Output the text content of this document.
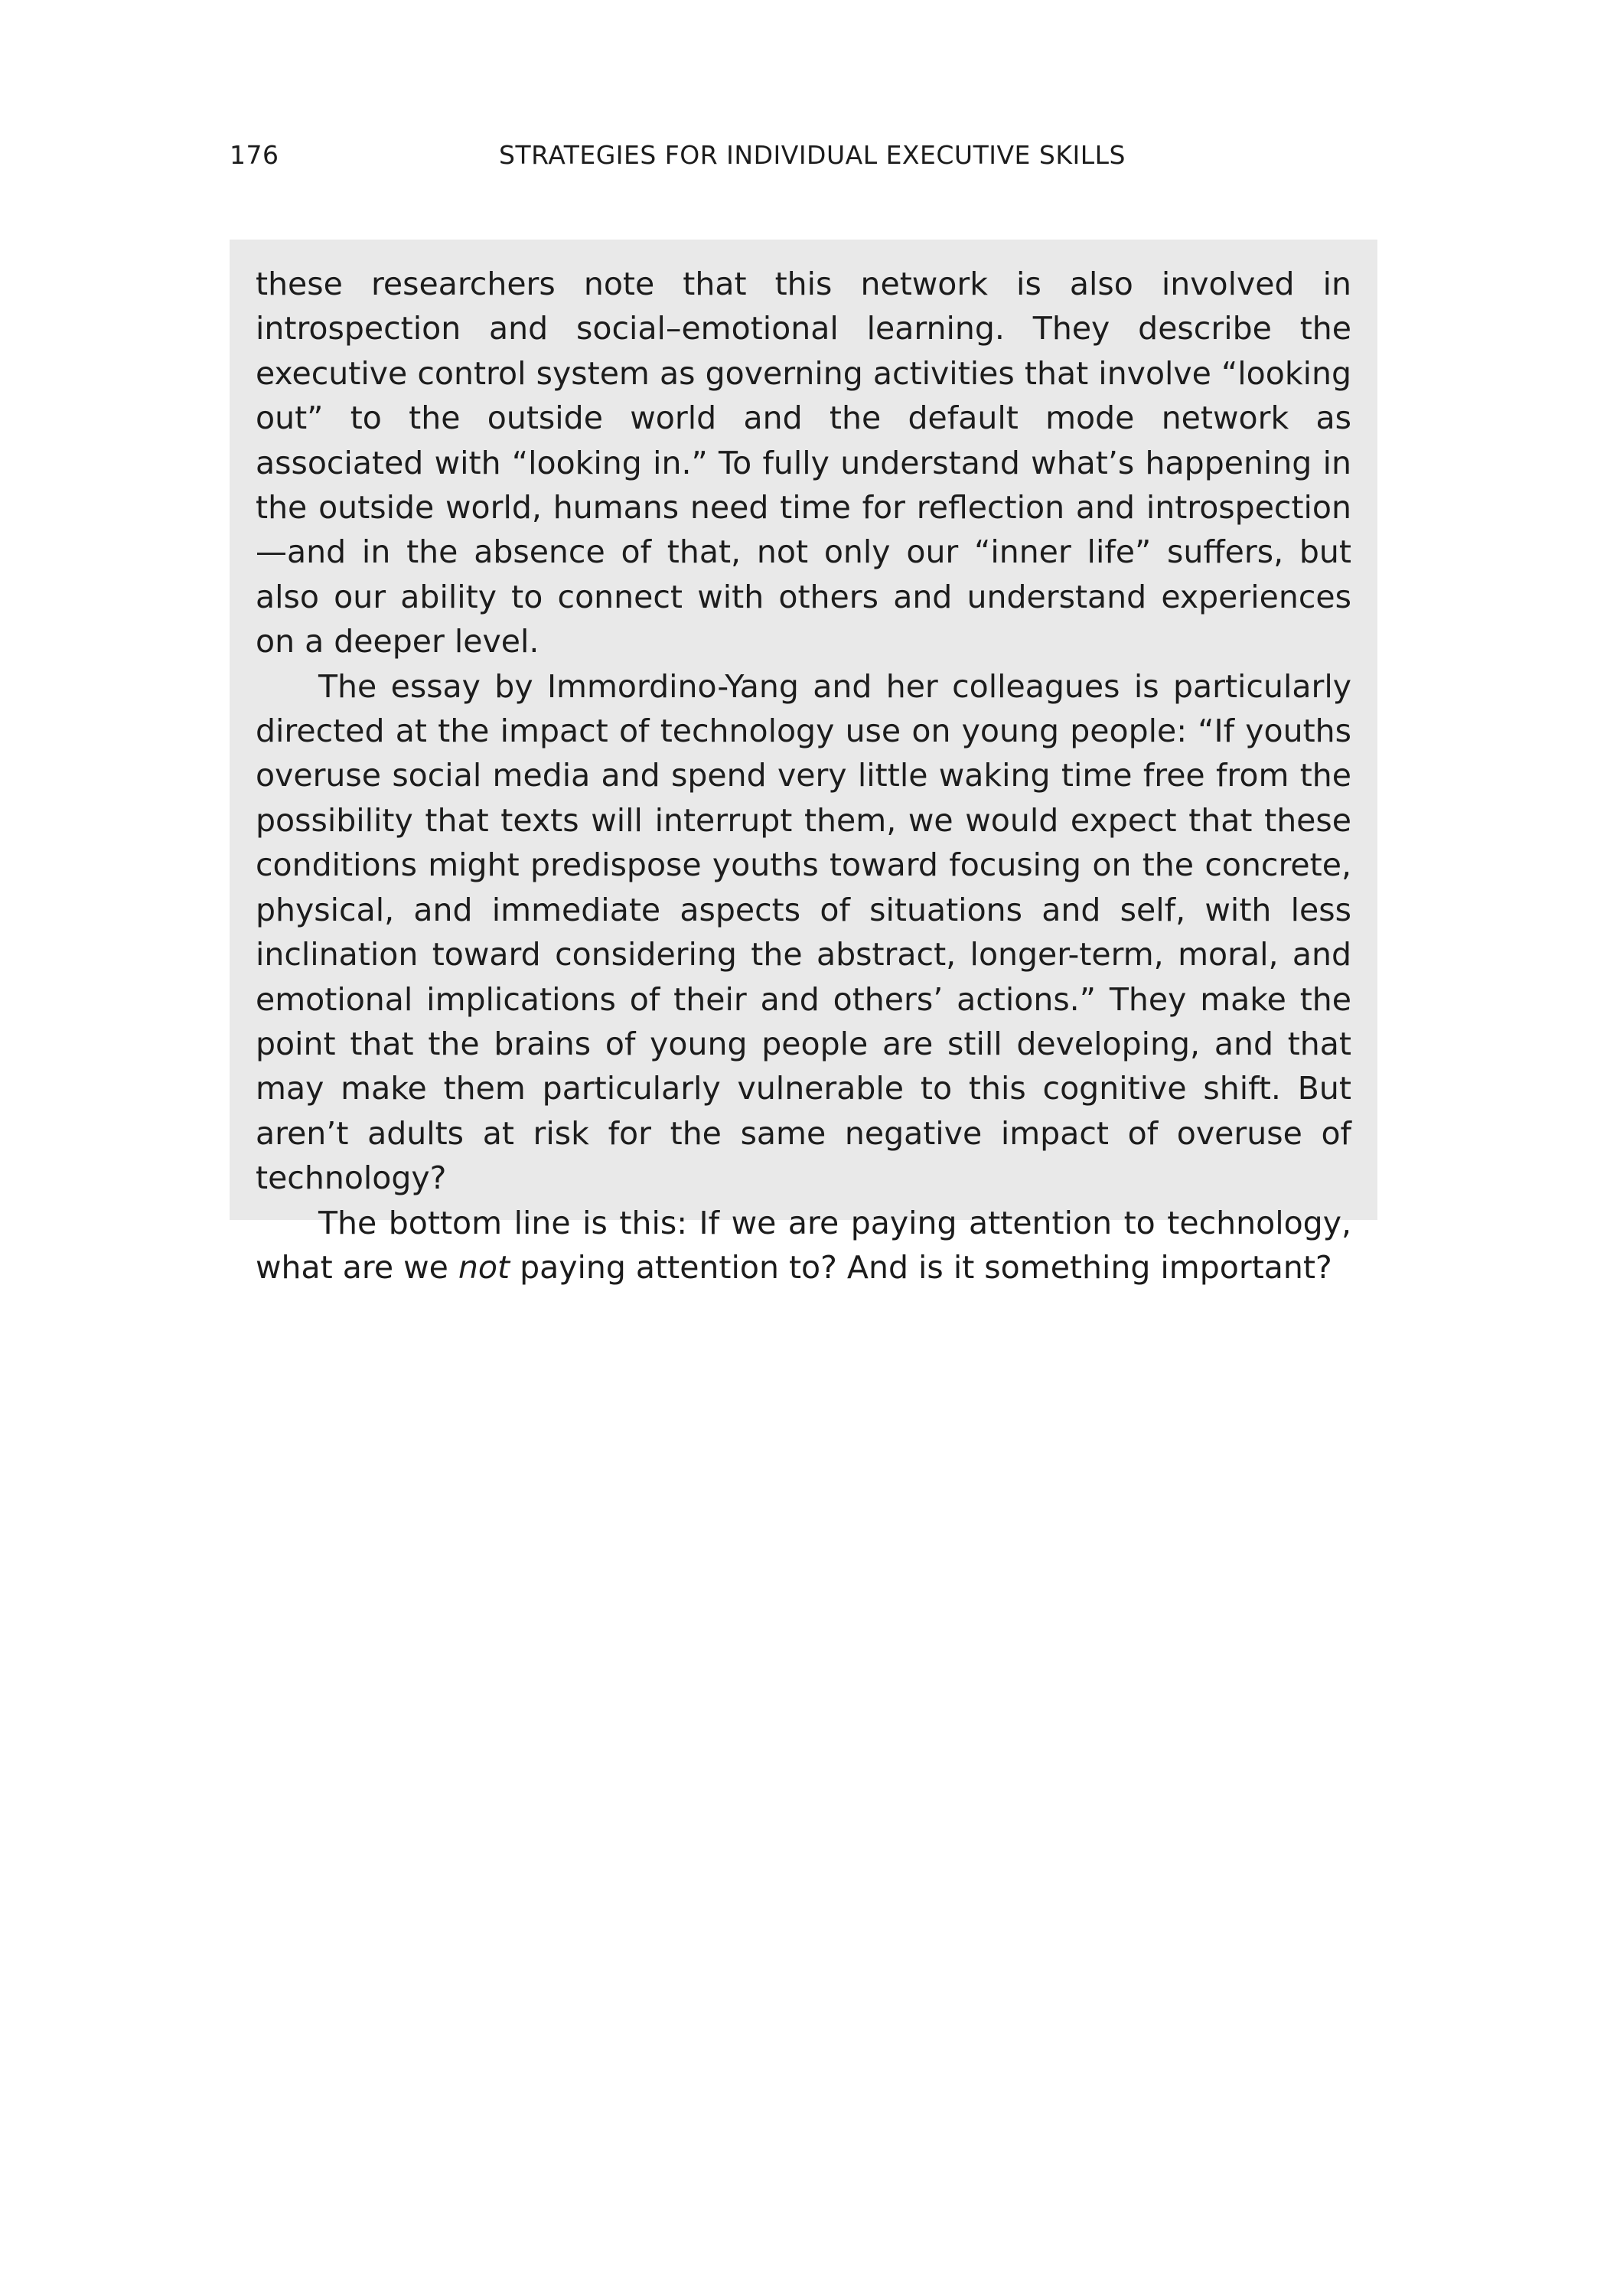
176	STRATEGIES FOR INDIVIDUAL EXECUTIVE SKILLS

these researchers note that this network is also involved in introspection and social–emotional learning. They describe the executive control system as governing activities that involve “looking out” to the outside world and the default mode network as associated with “looking in.” To fully understand what’s happening in the outside world, humans need time for reflection and introspection—and in the absence of that, not only our “inner life” suffers, but also our ability to connect with others and understand experiences on a deeper level.

The essay by Immordino-Yang and her colleagues is particularly directed at the impact of technology use on young people: “If youths overuse social media and spend very little waking time free from the possibility that texts will interrupt them, we would expect that these conditions might predispose youths toward focusing on the concrete, physical, and immediate aspects of situations and self, with less inclination toward considering the abstract, longer-term, moral, and emotional implications of their and others’ actions.” They make the point that the brains of young people are still developing, and that may make them particularly vulnerable to this cognitive shift. But aren’t adults at risk for the same negative impact of overuse of technology?

The bottom line is this: If we are paying attention to technology, what are we not paying attention to? And is it something important?
